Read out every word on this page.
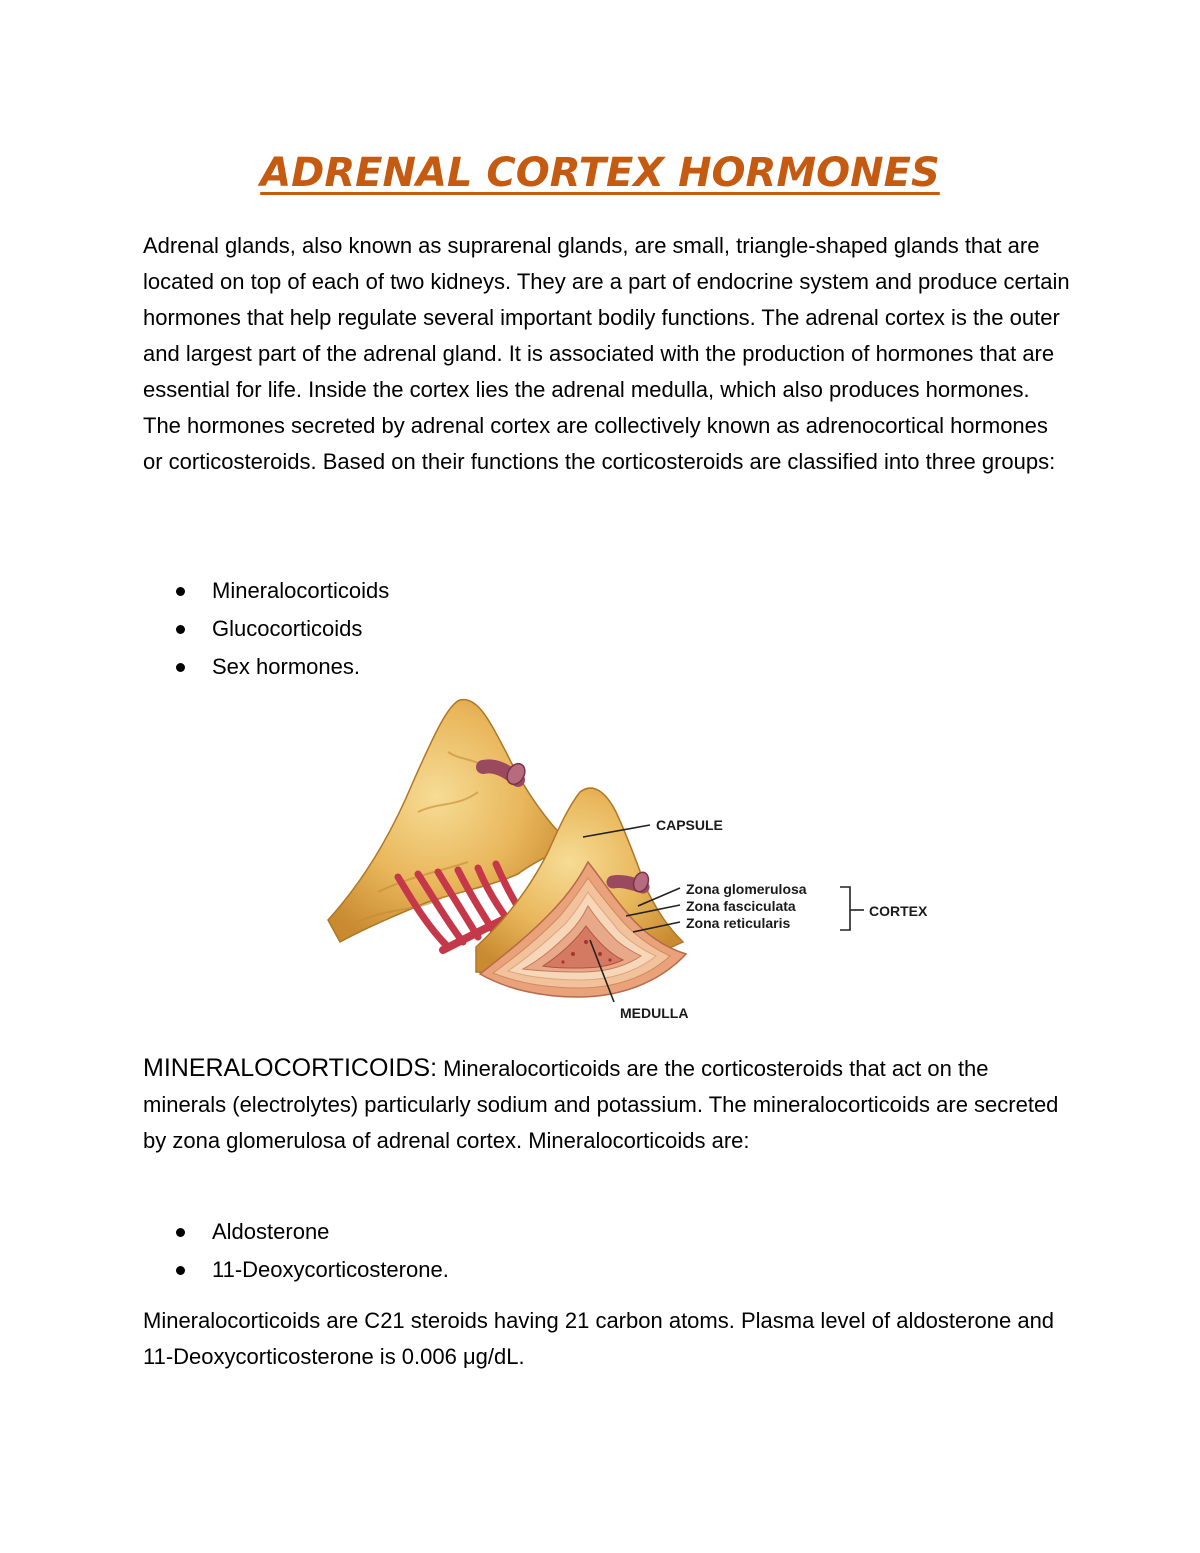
ADRENAL CORTEX HORMONES

Adrenal glands, also known as suprarenal glands, are small, triangle-shaped glands that are located on top of each of two kidneys. They are a part of endocrine system and produce certain hormones that help regulate several important bodily functions. The adrenal cortex is the outer and largest part of the adrenal gland. It is associated with the production of hormones that are essential for life. Inside the cortex lies the adrenal medulla, which also produces hormones. The hormones secreted by adrenal cortex are collectively known as adrenocortical hormones or corticosteroids. Based on their functions the corticosteroids are classified into three groups:

Mineralocorticoids
Glucocorticoids
Sex hormones.
CAPSULE
Zona glomerulosa
Zona fasciculata
Zona reticularis
CORTEX
MEDULLA

MINERALOCORTICOIDS: Mineralocorticoids are the corticosteroids that act on the minerals (electrolytes) particularly sodium and potassium. The mineralocorticoids are secreted by zona glomerulosa of adrenal cortex. Mineralocorticoids are:

Aldosterone
11-Deoxycorticosterone.

Mineralocorticoids are C21 steroids having 21 carbon atoms. Plasma level of aldosterone and 11-Deoxycorticosterone is 0.006 μg/dL.
